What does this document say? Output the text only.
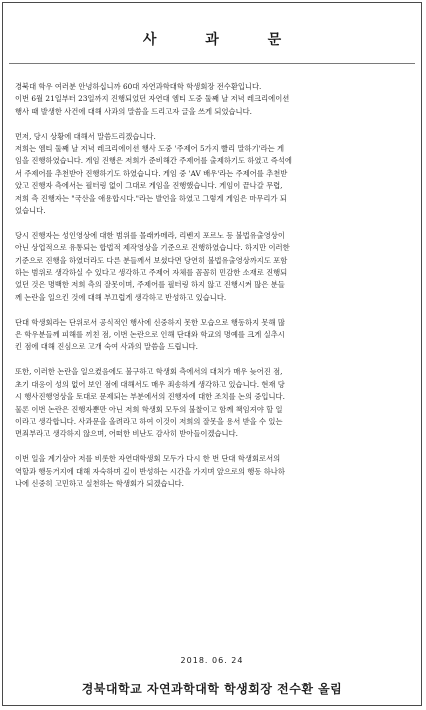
사 과 문

경북대 학우 여러분 안녕하십니까 60대 자연과학대학 학생회장 전수환입니다.
이번 6월 21일부터 23일까지 진행되었던 자연대 엠티 도중 둘째 날 저녁 레크리에이션
행사 때 발생한 사건에 대해 사과의 말씀을 드리고자 글을 쓰게 되었습니다.

먼저, 당시 상황에 대해서 말씀드리겠습니다.
저희는 엠티 둘째 날 저녁 레크리에이션 행사 도중 '주제어 5가지 빨리 말하기'라는 게
임을 진행하였습니다. 게임 진행은 저희가 준비해간 주제어를 출제하기도 하였고 즉석에
서 주제어를 추천받아 진행하기도 하였습니다. 게임 중 'AV 배우'라는 주제어를 추천받
았고 진행자 측에서는 필터링 없이 그대로 게임을 진행했습니다. 게임이 끝나갈 무렵,
저희 측 진행자는 "국산을 애용합시다."라는 발언을 하였고 그렇게 게임은 마무리가 되
었습니다.

당시 진행자는 성인영상에 대한 범위를 몰래카메라, 리벤지 포르노 등 불법유출영상이
아닌 상업적으로 유통되는 합법적 제작영상을 기준으로 진행하였습니다. 하지만 이러한
기준으로 진행을 하였더라도 다른 분들께서 보셨다면 당연히 불법유출영상까지도 포함
하는 범위로 생각하실 수 있다고 생각하고 주제어 자체를 꼼꼼히 민감한 소재로 진행되
었던 것은 명백한 저희 측의 잘못이며, 주제어를 필터링 하지 않고 진행시켜 많은 분들
께 논란을 일으킨 것에 대해 부끄럽게 생각하고 반성하고 있습니다.

단대 학생회라는 단위로서 공식적인 행사에 신중하지 못한 모습으로 행동하지 못해 많
은 학우분들께 피해를 끼친 점, 이번 논란으로 인해 단대와 학교의 명예를 크게 실추시
킨 점에 대해 진심으로 고개 숙여 사과의 말씀을 드립니다.

또한, 이러한 논란을 일으켰음에도 불구하고 학생회 측에서의 대처가 매우 늦어진 점,
초기 대응이 성의 없어 보인 점에 대해서도 매우 죄송하게 생각하고 있습니다. 현재 당
시 행사진행영상을 토대로 문제되는 부분에서의 진행자에 대한 조치를 논의 중입니다.
물론 이번 논란은 진행자뿐만 아닌 저희 학생회 모두의 불찰이고 함께 책임져야 할 일
이라고 생각합니다. 사과문을 올려라고 하여 이것이 저희의 잘못을 용서 받을 수 있는
면죄부라고 생각하지 않으며, 어떠한 비난도 감사히 받아들이겠습니다.

이번 일을 계기삼아 저를 비롯한 자연대학생회 모두가 다시 한 번 단대 학생회로서의
역할과 행동거지에 대해 자숙하며 깊이 반성하는 시간을 가지며 앞으로의 행동 하나하
나에 신중히 고민하고 실천하는 학생회가 되겠습니다.

2018. 06. 24
경북대학교 자연과학대학 학생회장 전수환 올림
